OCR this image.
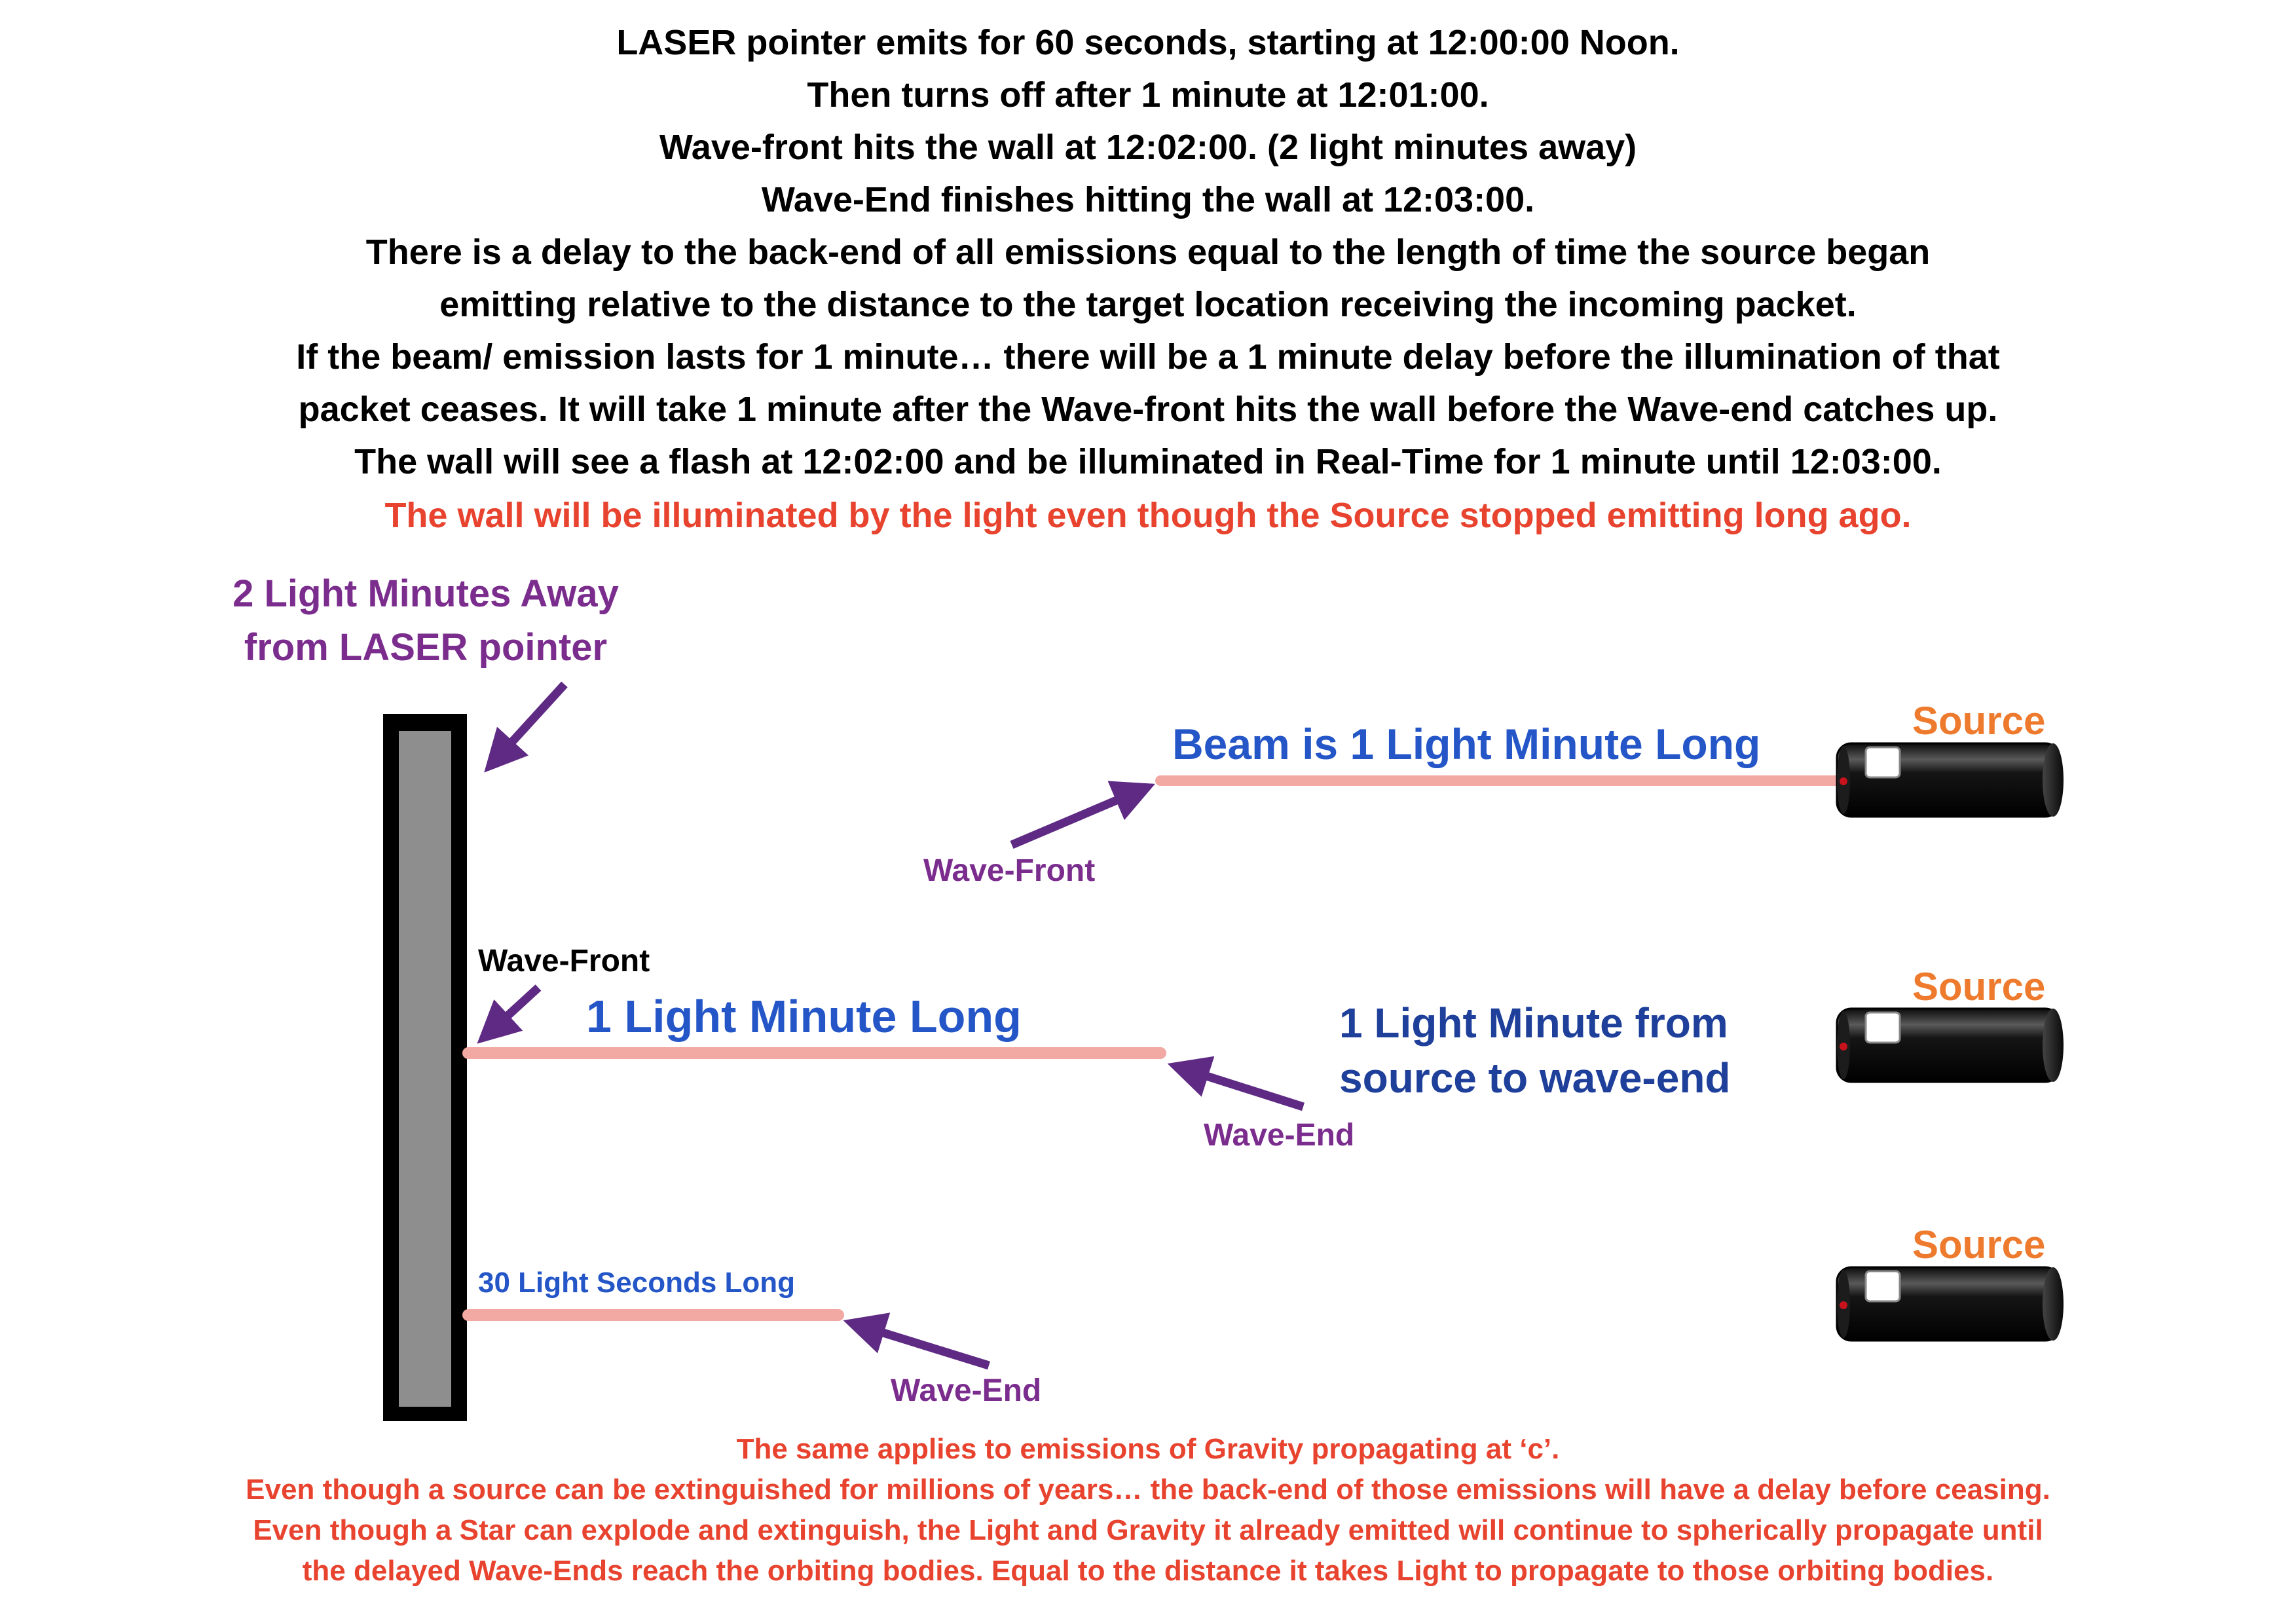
LASER pointer emits for 60 seconds, starting at 12:00:00 Noon.
Then turns off after 1 minute at 12:01:00.
Wave-front hits the wall at 12:02:00. (2 light minutes away)
Wave-End finishes hitting the wall at 12:03:00.
There is a delay to the back-end of all emissions equal to the length of time the source began
emitting relative to the distance to the target location receiving the incoming packet.
If the beam/ emission lasts for 1 minute… there will be a 1 minute delay before the illumination of that
packet ceases. It will take 1 minute after the Wave-front hits the wall before the Wave-end catches up.
The wall will see a flash at 12:02:00 and be illuminated in Real-Time for 1 minute until 12:03:00.
The wall will be illuminated by the light even though the Source stopped emitting long ago.
2 Light Minutes Away
from LASER pointer
Source
Source
Source
Beam is 1 Light Minute Long
Wave-Front
Wave-Front
1 Light Minute Long
Wave-End
1 Light Minute from
source to wave-end
30 Light Seconds Long
Wave-End
The same applies to emissions of Gravity propagating at ‘c’.
Even though a source can be extinguished for millions of years… the back-end of those emissions will have a delay before ceasing.
Even though a Star can explode and extinguish, the Light and Gravity it already emitted will continue to spherically propagate until
the delayed Wave-Ends reach the orbiting bodies. Equal to the distance it takes Light to propagate to those orbiting bodies.
